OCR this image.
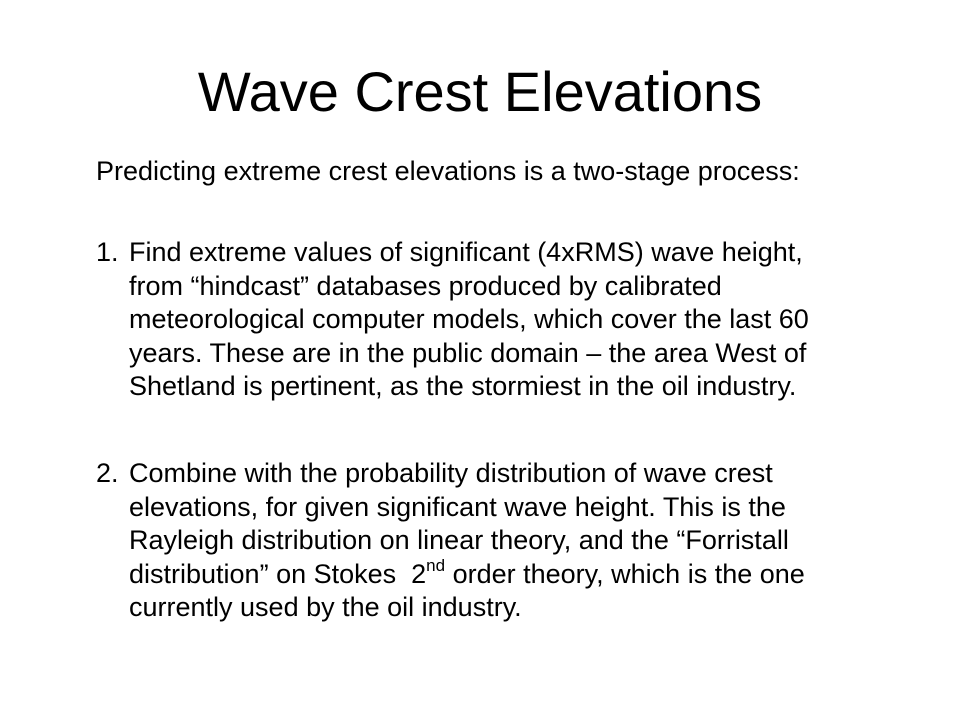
Wave Crest Elevations

Predicting extreme crest elevations is a two-stage process:

1. Find extreme values of significant (4xRMS) wave height,
from “hindcast” databases produced by calibrated
meteorological computer models, which cover the last 60
years. These are in the public domain – the area West of
Shetland is pertinent, as the stormiest in the oil industry.
2. Combine with the probability distribution of wave crest
elevations, for given significant wave height. This is the
Rayleigh distribution on linear theory, and the “Forristall
distribution” on Stokes  2nd order theory, which is the one
currently used by the oil industry.
